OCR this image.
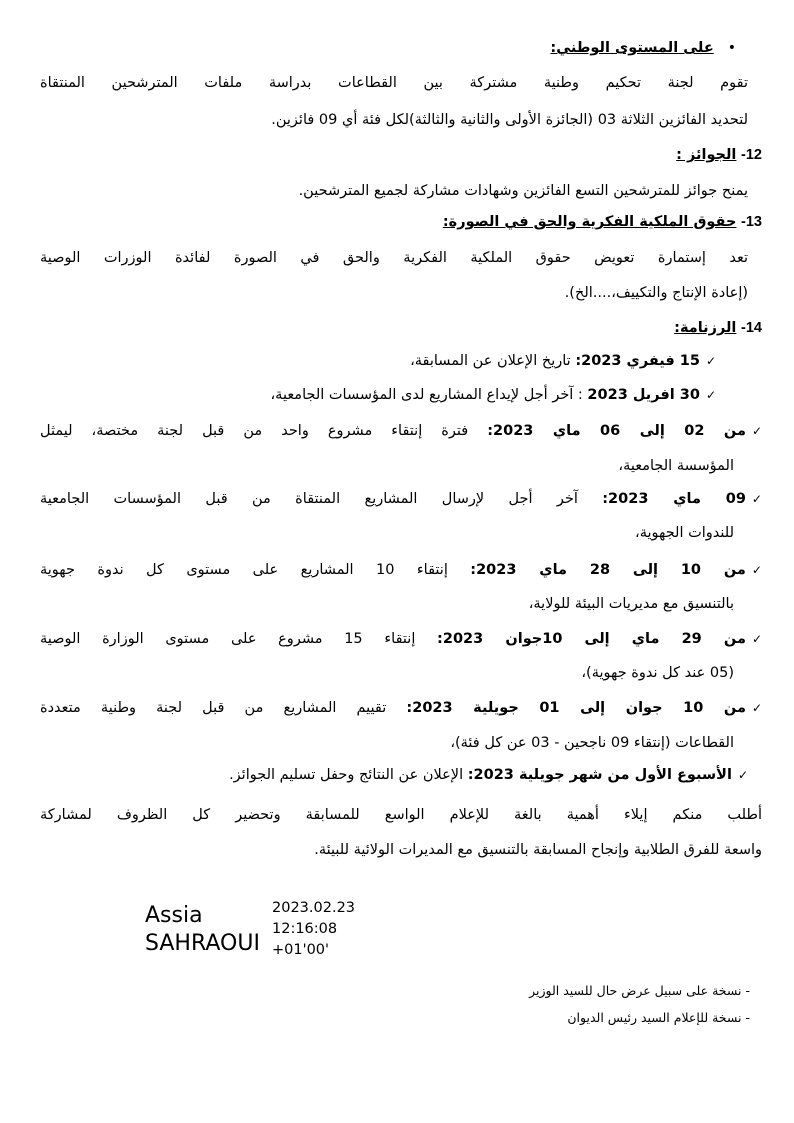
•على المستوى الوطني:
تقوم لجنة تحكيم وطنية مشتركة بين القطاعات بدراسة ملفات المترشحين المنتقاة
لتحديد الفائزين الثلاثة 03 (الجائزة الأولى والثانية والثالثة)لكل فئة أي 09 فائزين.
12- الجوائز :
يمنح جوائز للمترشحين التسع الفائزين وشهادات مشاركة لجميع المترشحين.
13- حقوق الملكية الفكرية والحق في الصورة:
تعد إستمارة تعويض حقوق الملكية الفكرية والحق في الصورة لفائدة الوزرات الوصية
(إعادة الإنتاج والتكييف،....الخ).
14- الرزنامة:
✓15 فيفري 2023: تاريخ الإعلان عن المسابقة،
✓30 افريل 2023 : آخر أجل لإيداع المشاريع لدى المؤسسات الجامعية،
✓من 02 إلى 06 ماي 2023: فترة إنتقاء مشروع واحد من قبل لجنة مختصة، ليمثل
المؤسسة الجامعية،
✓09 ماي 2023: آخر أجل لإرسال المشاريع المنتقاة من قبل المؤسسات الجامعية
للندوات الجهوية،
✓من 10 إلى 28 ماي 2023: إنتقاء 10 المشاريع على مستوى كل ندوة جهوية
بالتنسيق مع مديريات البيئة للولاية،
✓من 29 ماي إلى 10جوان 2023: إنتقاء 15 مشروع على مستوى الوزارة الوصية
(05 عند كل ندوة جهوية)،
✓من 10 جوان إلى 01 جويلية 2023: تقييم المشاريع من قبل لجنة وطنية متعددة
القطاعات (إنتقاء 09 ناجحين - 03 عن كل فئة)،
✓الأسبوع الأول من شهر جويلية 2023: الإعلان عن النتائج وحفل تسليم الجوائز.
أطلب منكم إيلاء أهمية بالغة للإعلام الواسع للمسابقة وتحضير كل الظروف لمشاركة
واسعة للفرق الطلابية وإنجاح المسابقة بالتنسيق مع المديرات الولائية للبيئة.
Assia
SAHRAOUI
2023.02.23
12:16:08
+01'00'
- نسخة على سبيل عرض حال للسيد الوزير
- نسخة للإعلام السيد رئيس الديوان
